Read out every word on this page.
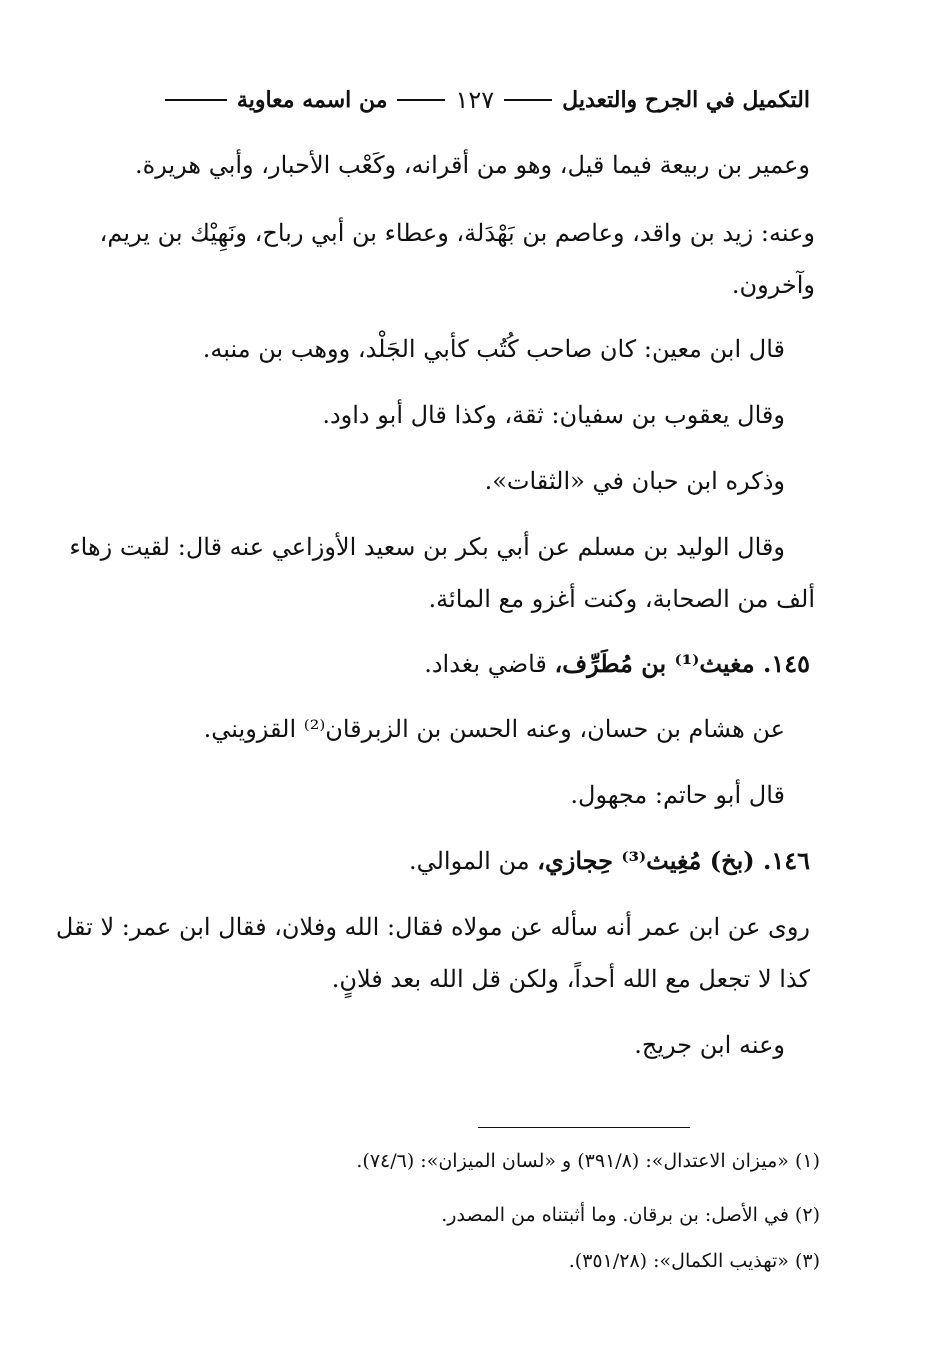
التكميل في الجرح والتعديل
١٢٧
من اسمه معاوية
وعمير بن ربيعة فيما قيل، وهو من أقرانه، وكَعْب الأحبار، وأبي هريرة.
وعنه: زيد بن واقد، وعاصم بن بَهْدَلة، وعطاء بن أبي رباح، ونَهِيْك بن يريم،
وآخرون.
قال ابن معين: كان صاحب كُتُب كأبي الجَلْد، ووهب بن منبه.
وقال يعقوب بن سفيان: ثقة، وكذا قال أبو داود.
وذكره ابن حبان في «الثقات».
وقال الوليد بن مسلم عن أبي بكر بن سعيد الأوزاعي عنه قال: لقيت زهاء
ألف من الصحابة، وكنت أغزو مع المائة.
١٤٥. مغيث⁽¹⁾ بن مُطَرِّف، قاضي بغداد.
عن هشام بن حسان، وعنه الحسن بن الزبرقان⁽²⁾ القزويني.
قال أبو حاتم: مجهول.
١٤٦. (بخ) مُغِيث⁽³⁾ حِجازي، من الموالي.
روى عن ابن عمر أنه سأله عن مولاه فقال: الله وفلان، فقال ابن عمر: لا تقل
كذا لا تجعل مع الله أحداً، ولكن قل الله بعد فلانٍ.
وعنه ابن جريج.
(١) «ميزان الاعتدال»: (٣٩١/٨) و «لسان الميزان»: (٧٤/٦).
(٢) في الأصل: بن برقان. وما أثبتناه من المصدر.
(٣) «تهذيب الكمال»: (٣٥١/٢٨).
